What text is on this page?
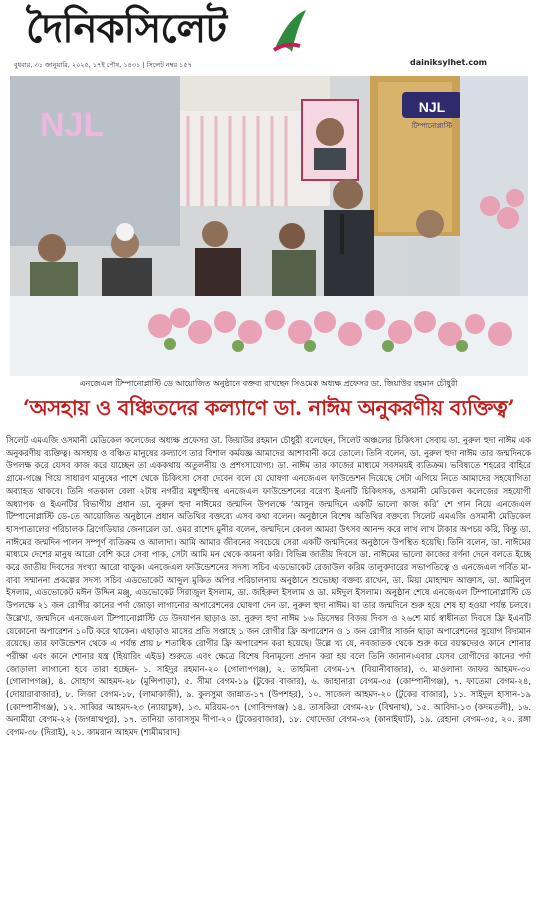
দৈনিকসিলেট
বুধবার, ৩১ জানুয়ারি, ২০২৫, ১৭ই পৌষ, ১৪৩১ | সিলেট নম্বর ১৫৭	dainiksylhet.com
NJL	NJL
টিম্পানোপ্লাস্টি
এনজেএল টিম্পানোপ্লাস্টি ডে আয়োজিত অনুষ্ঠানে বক্তব্য রাখছেন সিওমেক অধ্যক্ষ প্রফেসর ডা. জিয়াউর রহমান চৌধুরী
‘অসহায় ও বঞ্চিতদের কল্যাণে ডা. নাঈম অনুকরণীয় ব্যক্তিত্ব’

সিলেট এমএজি ওসমানী মেডিকেল কলেজের অধ্যক্ষ প্রফেসর ডা. জিয়াউর রহমান চৌধুরী বলেছেন, সিলেট অঞ্চলের চিকিৎসা সেবায় ডা. নুরুল হুদা নাঈম এক অনুকরণীয় ব্যক্তিত্ব। অসহায় ও বঞ্চিত মানুষের কল্যাণে তার বিশাল কর্মযজ্ঞ আমাদের আশাবানী করে তোলে। তিনি বলেন, ডা. নুরুল হুদা নাঈম তার জন্মদিনকে উপলক্ষ করে যেসব কাজ করে যাচ্ছেন তা এককথায় অতুলনীয় ও প্রশংসাযোগ্য। ডা. নাঈম তার কাজের মাধ্যমে সবসময়ই ব্যতিক্রম। ভবিষ্যতে শহরের বাহিরে গ্রামে-গঞ্জে গিয়ে সাধারণ মানুষের পাশে থেকে চিকিৎসা সেবা দেবেন বলে যে ঘোষণা এনজেএল ফাউন্ডেশন দিয়েছে সেটা এগিয়ে নিতে আমাদের সহযোগিতা অব্যাহত থাকবে। তিনি গতকাল বেলা ২টায় নগরীর মধুশহীদস্থ এনজেএল ফাউন্ডেশনের বরেণ্য ইএনটি চিকিৎসক, ওসমানী মেডিকেল কলেজের সহযোগী অধ্যাপক ও ইএনটির বিভাগীয় প্রধান ডা. নুরুল হুদা নাঈমের জন্মদিন উপলক্ষে ‘আসুন জন্মদিনে একটি ভালো কাজ করি’ শে গান নিয়ে এনজেএল টিম্পানোপ্লাস্টি ডে-তে আয়োজিত অনুষ্ঠানে প্রধান অতিথির বক্তব্যে এসব কথা বলেন। অনুষ্ঠানে বিশেষ অতিথির বক্তব্যে সিলেট এমএজি ওসমানী মেডিকেল হাসপাতালের পরিচালক ব্রিগেডিয়ার জেনারেল ডা. ওমর রাশেদ মুনীর বলেন, জন্মদিনে কেবল আমরা উৎসব আনন্দ করে লাখ লাখ টাকার অপচয় করি, কিন্তু ডা. নাঈমের জন্মদিন পালন সম্পূর্ণ ব্যতিক্রম ও আলাদা। আমি আমার জীবনের সবচেয়ে সেরা একটি জন্মদিনের অনুষ্ঠানে উপস্থিত হয়েছি। তিনি বলেন, ডা. নাঈমের মাধ্যমে দেশের মানুষ আরো বেশি করে সেবা পাক, সেটা আমি মন থেকে কামনা করি। বিভিন্ন জাতীয় দিবসে ডা. নাঈমের ভালো কাজের বর্ণনা দেনে বলতে ইচ্ছে করে জাতীয় দিবসের সংখ্যা আরো বাড়ুক। এনজেএল ফাউন্ডেশনের সদস্য সচিব এডভোকেট রেজাউল করিম তালুকদারের সভাপতিত্বে ও এনজেএল গর্বিত মা-বাবা সম্মাননা প্রকল্পের সদস্য সচিব এডভোকেট আব্দুল মুকিত অপির পরিচালনায় অনুষ্ঠানে শুভেচ্ছা বক্তব্য রাখেন, ডা. মিয়া মোহাম্মদ আক্তাস, ডা. আমিনুল ইসলাম, এডভোকেট মঈন উদ্দিন মঞ্জু, এডভোকেট সিরাজুল ইসলাম, ডা. জহিরুল ইসলাম ও ডা. মঈদুল ইসলাম। অনুষ্ঠান শেষে এনজেএল টিম্পানোপ্লাস্টি ডে উপলক্ষে ২১ জন রোগীর কানের পর্দা জোড়া লাগানোর অপারেশনের ঘোষণা দেন ডা. নুরুল হুদা নাঈম। যা তার জন্মদিনে শুরু হয়ে শেষ হা হওয়া পর্যন্ত চলবে। উল্লেখ্য, জন্মদিনে এনজেএল টিম্পানোপ্লাস্টি ডে উদযাপন ছাড়াও ডা. নুরুল হুদা নাঈম ১৬ ডিসেম্বর বিজয় দিবস ও ২৬শে মার্চ স্বাধীনতা দিবসে ফ্রি ইএনটি যেকোনো অপারেশন ১০টি করে থাকেন। এছাড়াও মাসের প্রতি সপ্তাহে ১ জন রোগীর ফ্রি অপারেশন ও ১ জন রোগীর সার্জন ছাড়া অপারেশনের সুযোগ বিদ্যমান রয়েছে। তার ফাউন্ডেশন থেকে এ পর্যন্ত প্রায় ৮ শতাধিক রোগীর ফ্রি অপারেশন করা হয়েছে। উল্লে খ্য যে, নবজাতক থেকে শুরু করে বয়স্কদেরও কানে শোনার পরীক্ষা এবং কানে শোনার যন্ত্র (হিয়ারিং এইড) শুরুতে এবং ক্ষেত্রে বিশেষ বিনামূল্যে প্রদান করা হয় বলে তিনি জানান।এবার যেসব রোগীদের কানের পর্দা জোড়ালা লাগানো হবে তারা হচ্ছেন- ১. সাইদুর রহমান-২০ (গোলাপগঞ্জ), ২. তাহমিনা বেগম-১৭ (বিয়ানীবাজার), ৩. মাওলানা জাফর আহমদ-৩০ (গোলাপগঞ্জ), ৪. সোহাগ আহমদ-২৮ (মুন্সিপাড়া), ৫. সীমা বেগম-১৯ (টুকের বাজার), ৬. জাহানারা বেগম-৩৫ (কোম্পানীগঞ্জ), ৭. ফাতেমা বেগম-২৪, (দোয়ারাবাজার), ৮. লিজা বেগম-১৮, (লামাকাজী), ৯. কুলসুমা জান্নাত-১৭ (উপশহর), ১০. সাজেল আহমদ-২০ (টুকের বাজার), ১১. সাইদুল হাসান-১৯ (কোম্পানীগঞ্জ), ১২. সাব্বির আহমদ-২৩ (ন্যায়াচুঙ্গ), ১৩. মরিয়ম-৩৭ (গোবিন্দগঞ্জ) ১৪. তাসকিরা বেগম-২৮ (বিশ্বনাথ), ১৫. আবিদা-১৩ (কদমতলী), ১৬. অনামীয়া বেগম-২২ (জগন্নাথপুর), ১৭. তানিয়া তাবাসসুম দীপা-২০ (টুকেরবাজার), ১৮. খোদেজা বেগম-৩২ (কানাইঘাট), ১৯. রেহানা বেগম-৩৫, ২০. রঙ্গা বেগম-৩৮ (দিরাই), ২১. কামরান আহমদ (শামীমাবাদ)
